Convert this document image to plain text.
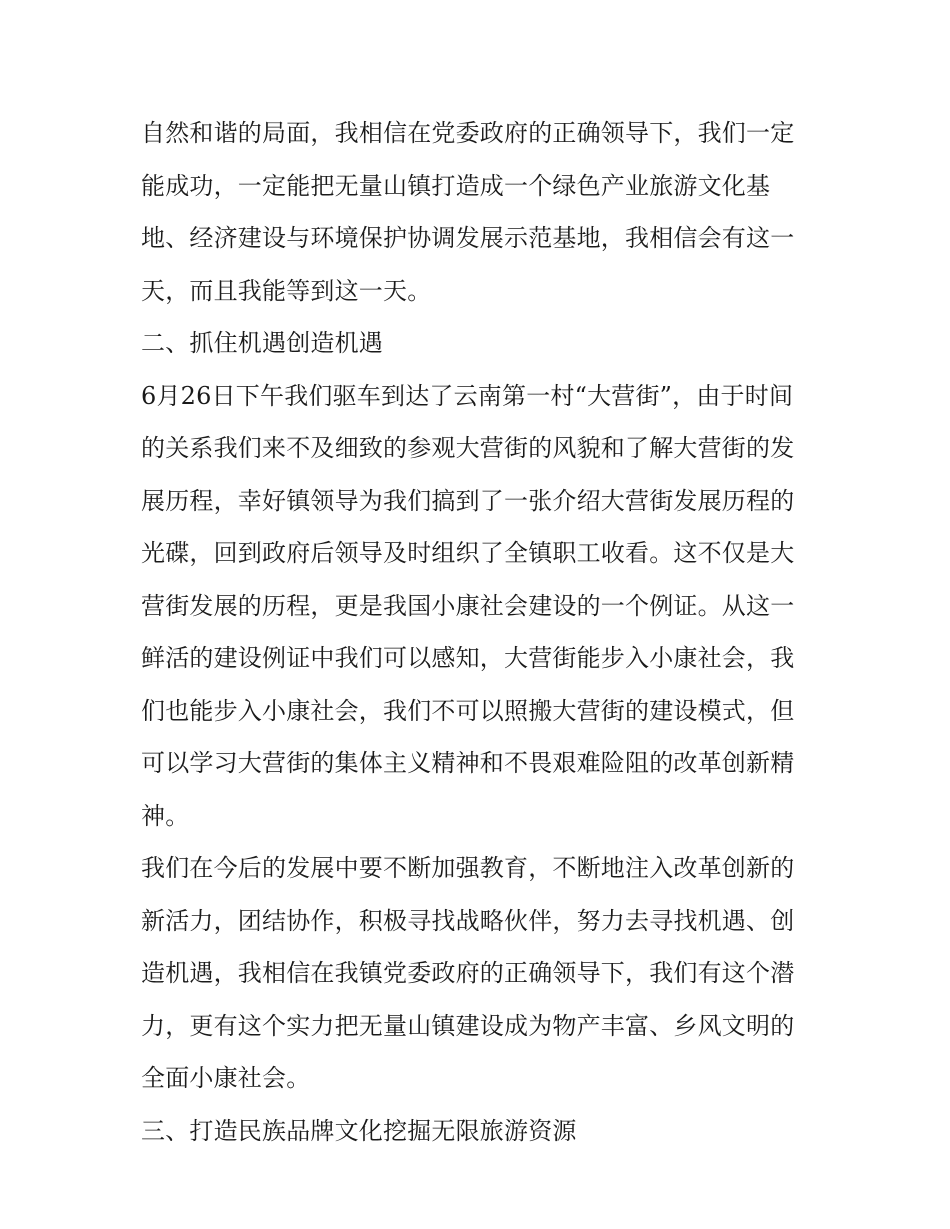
自然和谐的局面，我相信在党委政府的正确领导下，我们一定
能成功，一定能把无量山镇打造成一个绿色产业旅游文化基
地、经济建设与环境保护协调发展示范基地，我相信会有这一
天，而且我能等到这一天。
二、抓住机遇创造机遇
6月26日下午我们驱车到达了云南第一村“大营街”，由于时间
的关系我们来不及细致的参观大营街的风貌和了解大营街的发
展历程，幸好镇领导为我们搞到了一张介绍大营街发展历程的
光碟，回到政府后领导及时组织了全镇职工收看。这不仅是大
营街发展的历程，更是我国小康社会建设的一个例证。从这一
鲜活的建设例证中我们可以感知，大营街能步入小康社会，我
们也能步入小康社会，我们不可以照搬大营街的建设模式，但
可以学习大营街的集体主义精神和不畏艰难险阻的改革创新精
神。
我们在今后的发展中要不断加强教育，不断地注入改革创新的
新活力，团结协作，积极寻找战略伙伴，努力去寻找机遇、创
造机遇，我相信在我镇党委政府的正确领导下，我们有这个潜
力，更有这个实力把无量山镇建设成为物产丰富、乡风文明的
全面小康社会。
三、打造民族品牌文化挖掘无限旅游资源
